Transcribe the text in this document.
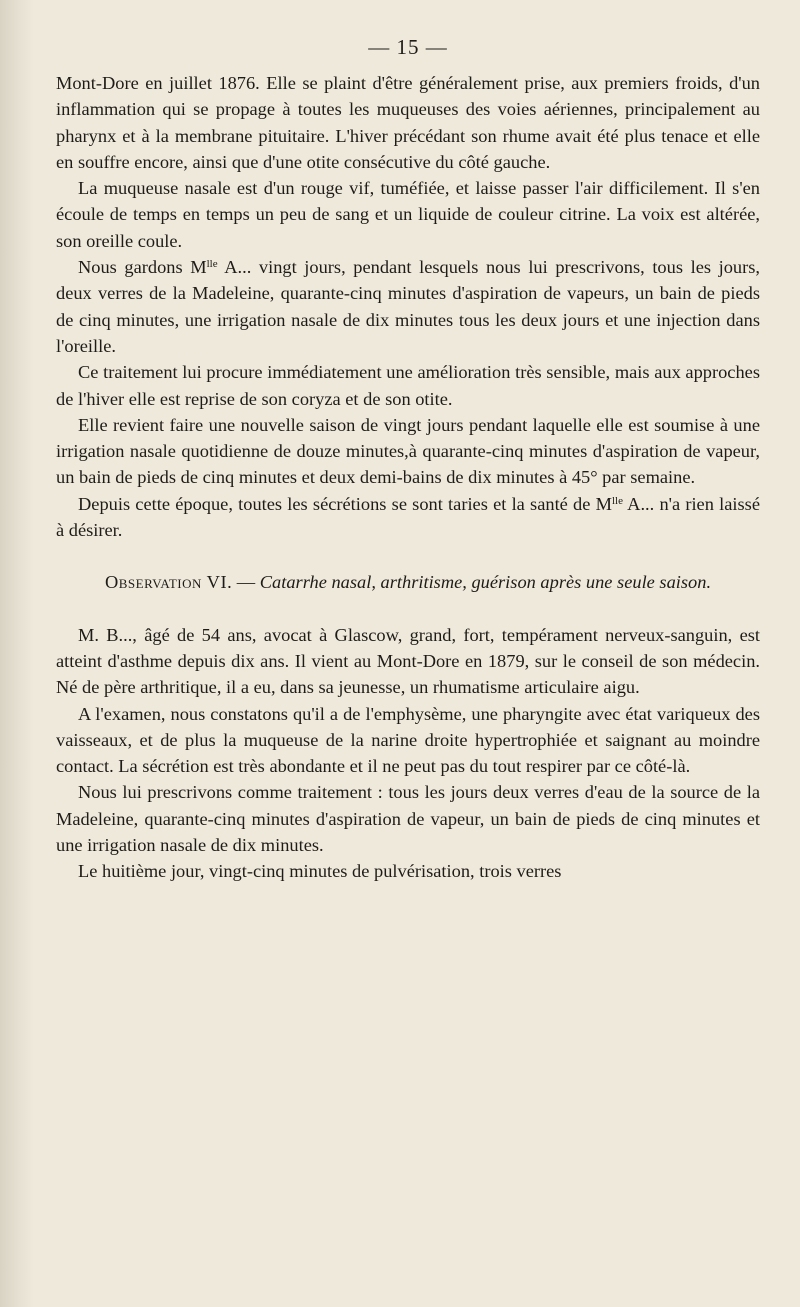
— 15 —

Mont-Dore en juillet 1876. Elle se plaint d'être généralement prise, aux premiers froids, d'un inflammation qui se propage à toutes les muqueuses des voies aériennes, principalement au pharynx et à la membrane pituitaire. L'hiver précédant son rhume avait été plus tenace et elle en souffre encore, ainsi que d'une otite consécutive du côté gauche.

La muqueuse nasale est d'un rouge vif, tuméfiée, et laisse passer l'air difficilement. Il s'en écoule de temps en temps un peu de sang et un liquide de couleur citrine. La voix est altérée, son oreille coule.

Nous gardons $M^{lle}$ A... vingt jours, pendant lesquels nous lui prescrivons, tous les jours, deux verres de la Madeleine, quarante-cinq minutes d'aspiration de vapeurs, un bain de pieds de cinq minutes, une irrigation nasale de dix minutes tous les deux jours et une injection dans l'oreille.

Ce traitement lui procure immédiatement une amélioration très sensible, mais aux approches de l'hiver elle est reprise de son coryza et de son otite.

Elle revient faire une nouvelle saison de vingt jours pendant laquelle elle est soumise à une irrigation nasale quotidienne de douze minutes,à quarante-cinq minutes d'aspiration de vapeur, un bain de pieds de cinq minutes et deux demi-bains de dix minutes à 45° par semaine.

Depuis cette époque, toutes les sécrétions se sont taries et la santé de $M^{lle}$ A... n'a rien laissé à désirer.

Observation VI. — Catarrhe nasal, arthritisme, guérison après une seule saison.

M. B..., âgé de 54 ans, avocat à Glascow, grand, fort, tempérament nerveux-sanguin, est atteint d'asthme depuis dix ans. Il vient au Mont-Dore en 1879, sur le conseil de son médecin. Né de père arthritique, il a eu, dans sa jeunesse, un rhumatisme articulaire aigu.

A l'examen, nous constatons qu'il a de l'emphysème, une pharyngite avec état variqueux des vaisseaux, et de plus la muqueuse de la narine droite hypertrophiée et saignant au moindre contact. La sécrétion est très abondante et il ne peut pas du tout respirer par ce côté-là.

Nous lui prescrivons comme traitement : tous les jours deux verres d'eau de la source de la Madeleine, quarante-cinq minutes d'aspiration de vapeur, un bain de pieds de cinq minutes et une irrigation nasale de dix minutes.

Le huitième jour, vingt-cinq minutes de pulvérisation, trois verres
